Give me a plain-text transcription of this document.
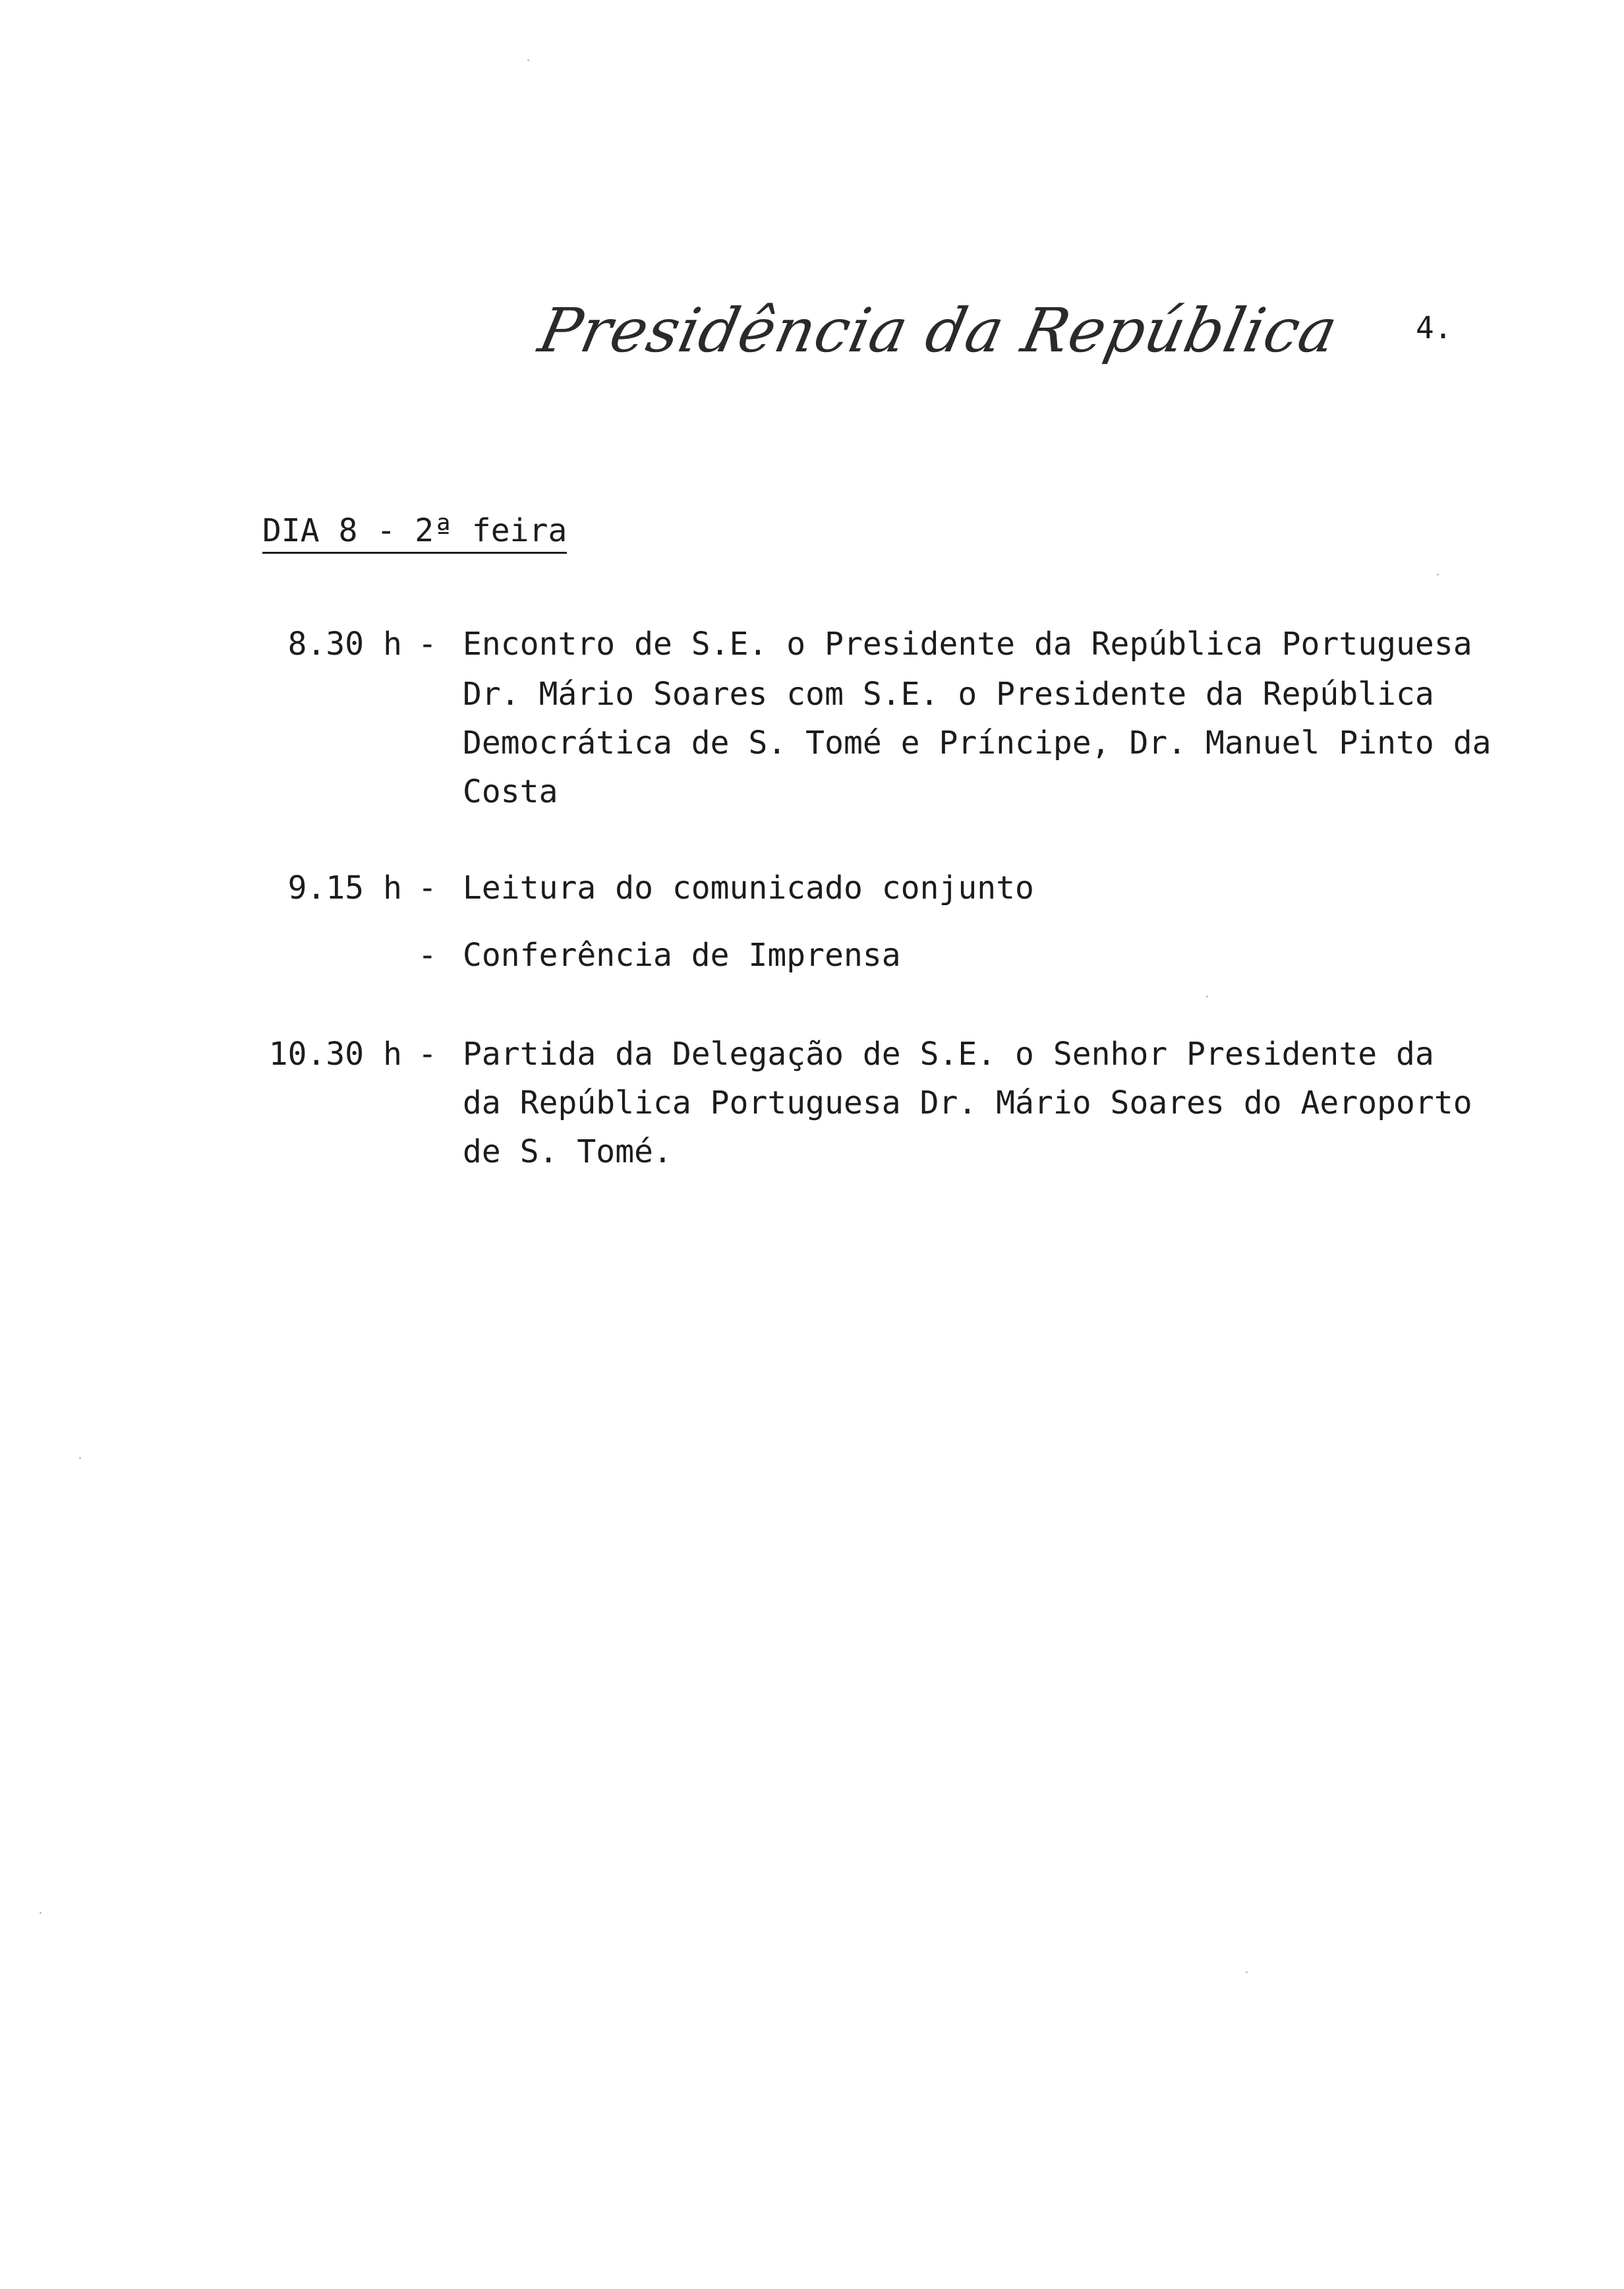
Presidência da República 4.
DIA 8 - 2ª feira
8.30 h - Encontro de S.E. o Presidente da República Portuguesa
Dr. Mário Soares com S.E. o Presidente da República
Democrática de S. Tomé e Príncipe, Dr. Manuel Pinto da
Costa
9.15 h - Leitura do comunicado conjunto
- Conferência de Imprensa
10.30 h - Partida da Delegação de S.E. o Senhor Presidente da
da República Portuguesa Dr. Mário Soares do Aeroporto
de S. Tomé.
